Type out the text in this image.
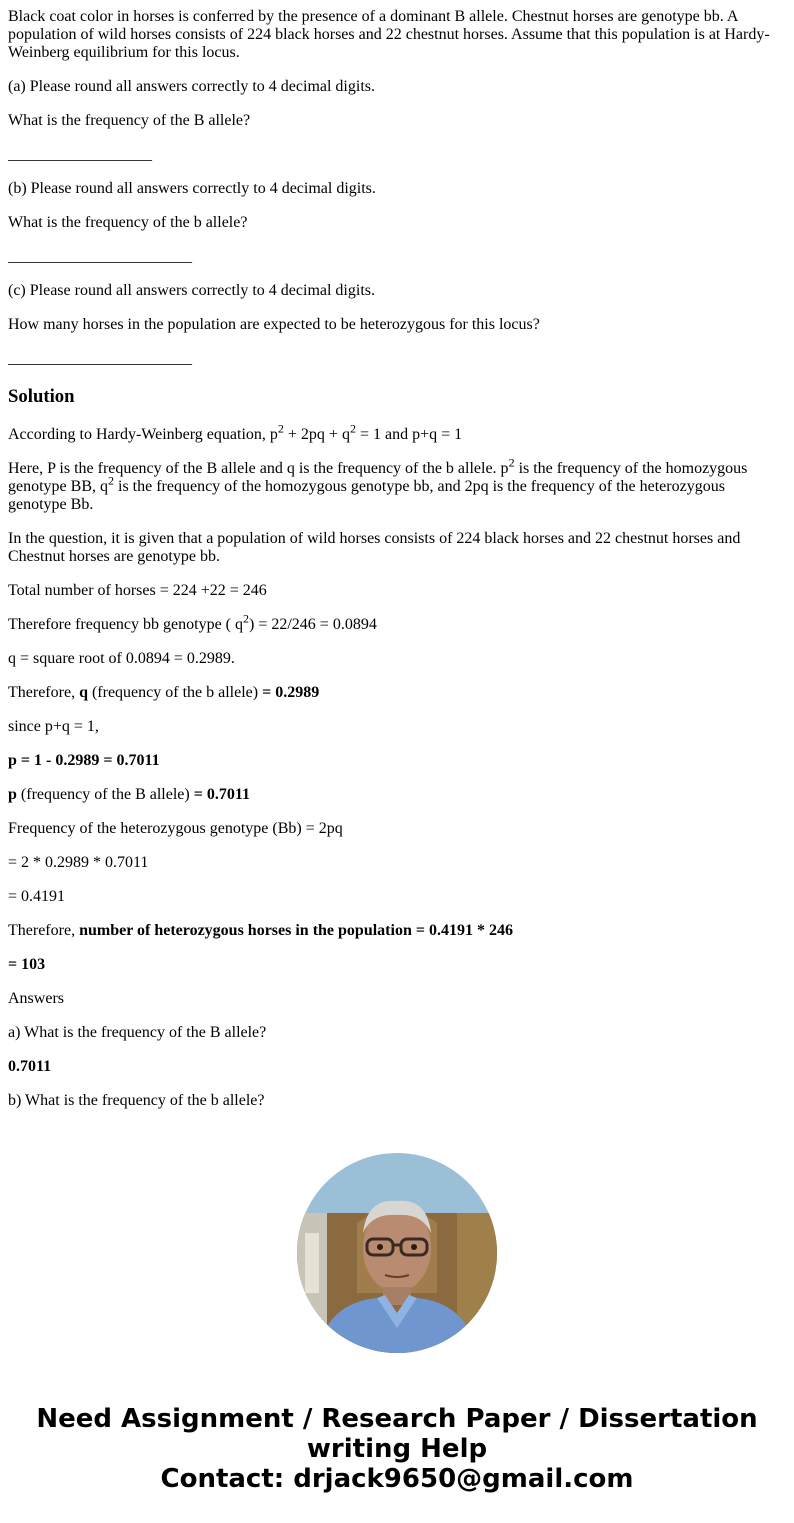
Black coat color in horses is conferred by the presence of a dominant B allele. Chestnut horses are genotype bb. A population of wild horses consists of 224 black horses and 22 chestnut horses. Assume that this population is at Hardy-Weinberg equilibrium for this locus.

(a) Please round all answers correctly to 4 decimal digits.

What is the frequency of the B allele?

__________________

(b) Please round all answers correctly to 4 decimal digits.

What is the frequency of the b allele?

_______________________

(c) Please round all answers correctly to 4 decimal digits.

How many horses in the population are expected to be heterozygous for this locus?

_______________________

Solution

According to Hardy-Weinberg equation, $p^2 + 2pq + q^2 = 1$ and p+q = 1

Here, P is the frequency of the B allele and q is the frequency of the b allele. $p^2$ is the frequency of the homozygous genotype BB, $q^2$ is the frequency of the homozygous genotype bb, and 2pq is the frequency of the heterozygous genotype Bb.

In the question, it is given that a population of wild horses consists of 224 black horses and 22 chestnut horses and Chestnut horses are genotype bb.

Total number of horses = 224 +22 = 246

Therefore frequency bb genotype ( $q^2) = 22/246 = 0.0894$

q = square root of 0.0894 = 0.2989.

Therefore, q (frequency of the b allele) = 0.2989

since p+q = 1,

p = 1 - 0.2989 = 0.7011

p (frequency of the B allele) = 0.7011

Frequency of the heterozygous genotype (Bb) = 2pq

= 2 * 0.2989 * 0.7011

= 0.4191

Therefore, number of heterozygous horses in the population = 0.4191 * 246

= 103

Answers

a) What is the frequency of the B allele?

0.7011

b) What is the frequency of the b allele?

Need Assignment / Research Paper / Dissertation
writing Help
Contact: drjack9650@gmail.com
